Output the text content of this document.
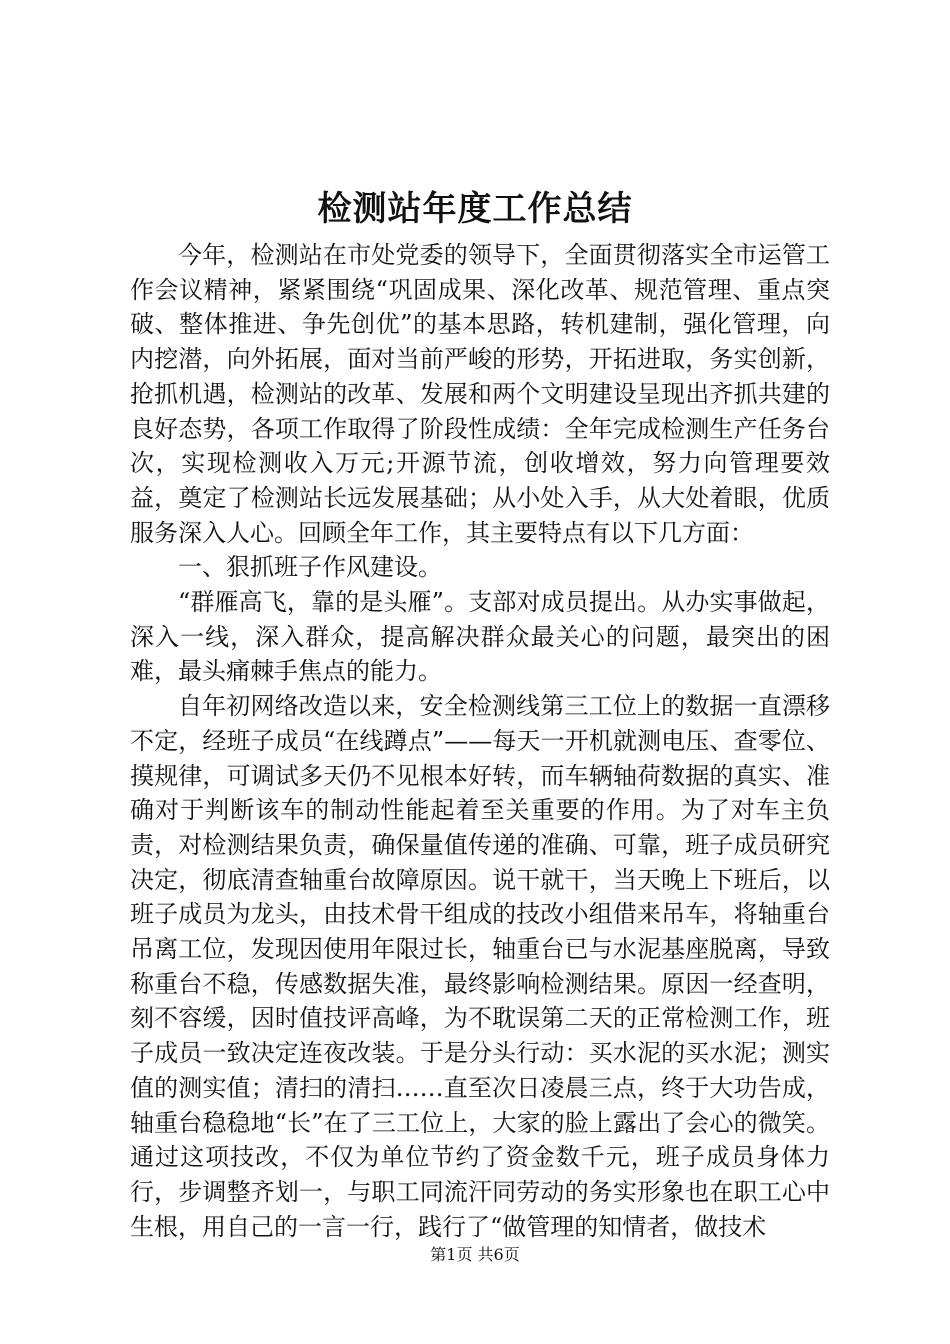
检测站年度工作总结

今年，检测站在市处党委的领导下，全面贯彻落实全市运管工作会议精神，紧紧围绕“巩固成果、深化改革、规范管理、重点突破、整体推进、争先创优”的基本思路，转机建制，强化管理，向内挖潜，向外拓展，面对当前严峻的形势，开拓进取，务实创新，抢抓机遇，检测站的改革、发展和两个文明建设呈现出齐抓共建的良好态势，各项工作取得了阶段性成绩：全年完成检测生产任务台次，实现检测收入万元;开源节流，创收增效，努力向管理要效益，奠定了检测站长远发展基础；从小处入手，从大处着眼，优质服务深入人心。回顾全年工作，其主要特点有以下几方面：

一、狠抓班子作风建设。

“群雁高飞，靠的是头雁”。支部对成员提出。从办实事做起，深入一线，深入群众，提高解决群众最关心的问题，最突出的困难，最头痛棘手焦点的能力。

自年初网络改造以来，安全检测线第三工位上的数据一直漂移不定，经班子成员“在线蹲点”——每天一开机就测电压、查零位、摸规律，可调试多天仍不见根本好转，而车辆轴荷数据的真实、准确对于判断该车的制动性能起着至关重要的作用。为了对车主负责，对检测结果负责，确保量值传递的准确、可靠，班子成员研究决定，彻底清查轴重台故障原因。说干就干，当天晚上下班后，以班子成员为龙头，由技术骨干组成的技改小组借来吊车，将轴重台吊离工位，发现因使用年限过长，轴重台已与水泥基座脱离，导致称重台不稳，传感数据失准，最终影响检测结果。原因一经查明，刻不容缓，因时值技评高峰，为不耽误第二天的正常检测工作，班子成员一致决定连夜改装。于是分头行动：买水泥的买水泥；测实值的测实值；清扫的清扫……直至次日凌晨三点，终于大功告成，轴重台稳稳地“长”在了三工位上，大家的脸上露出了会心的微笑。通过这项技改，不仅为单位节约了资金数千元，班子成员身体力行，步调整齐划一，与职工同流汗同劳动的务实形象也在职工心中生根，用自己的一言一行，践行了“做管理的知情者，做技术

第1页 共6页
